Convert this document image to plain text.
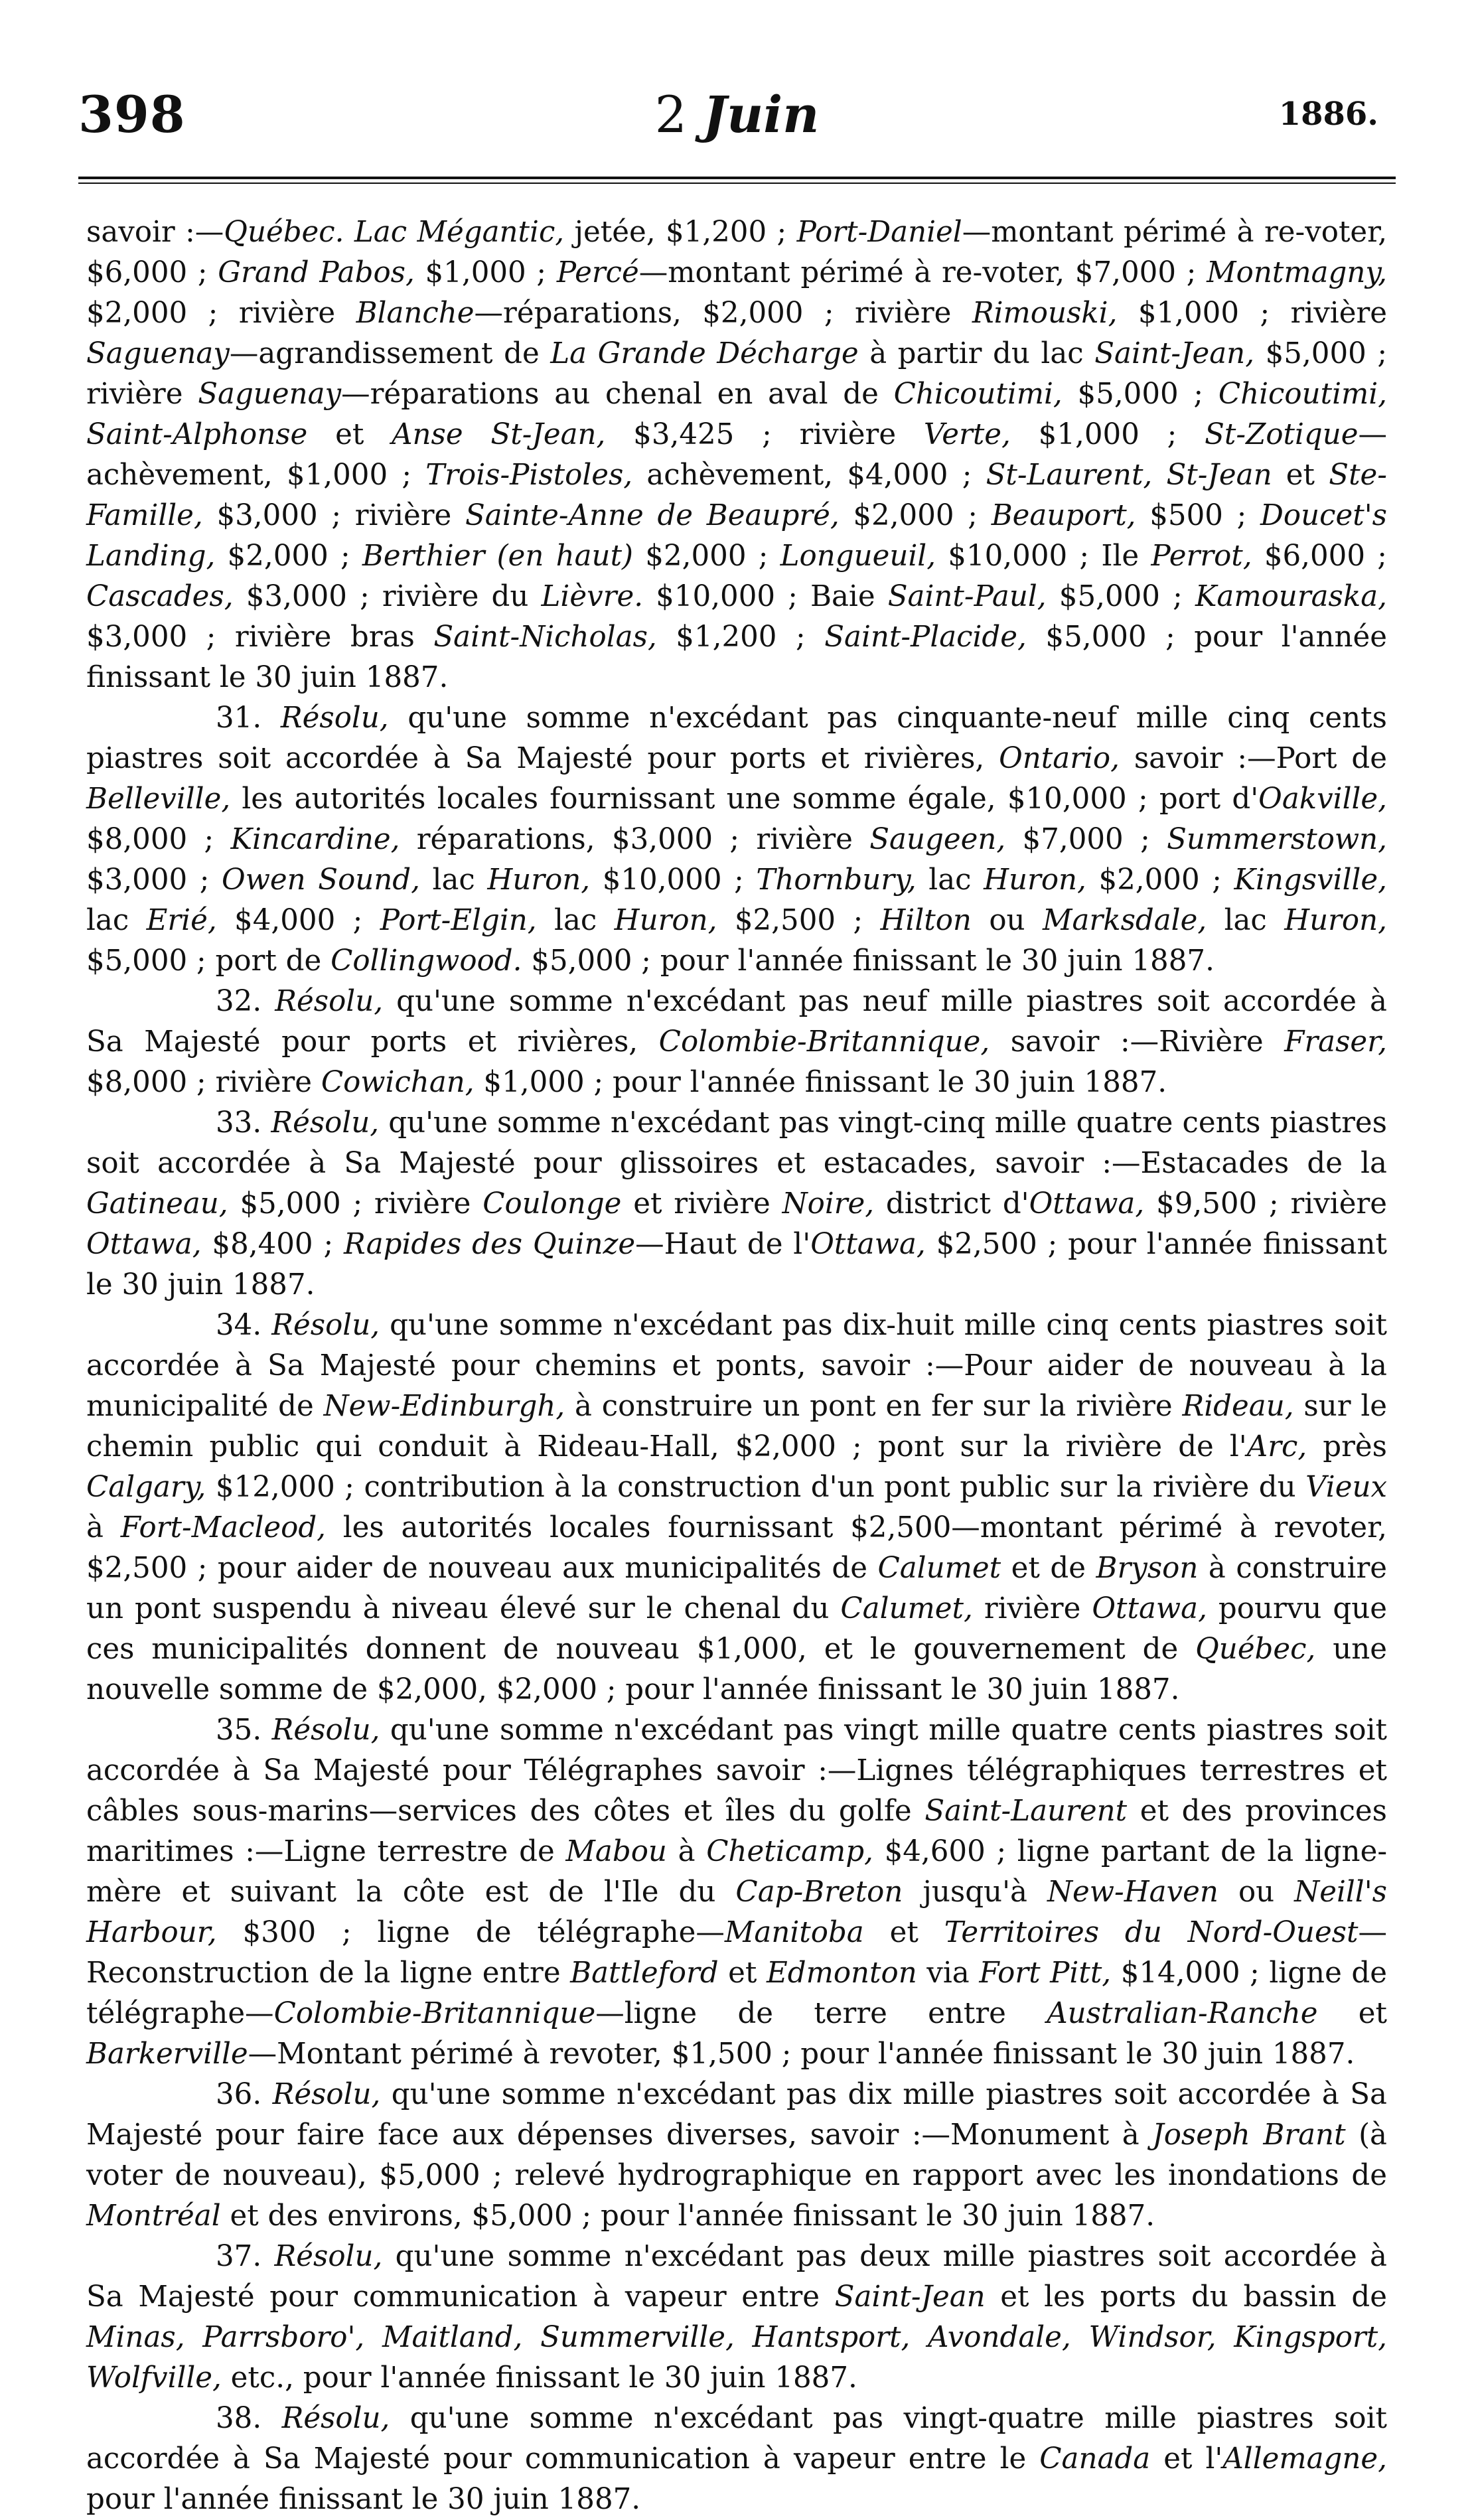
398	2 Juin	1886.

savoir :—Québec. Lac Mégantic, jetée, $1,200 ; Port-Daniel—montant périmé à re-voter, $6,000 ; Grand Pabos, $1,000 ; Percé—montant périmé à re-voter, $7,000 ; Montmagny, $2,000 ; rivière Blanche—réparations, $2,000 ; rivière Rimouski, $1,000 ; rivière Saguenay—agrandissement de La Grande Décharge à partir du lac Saint-Jean, $5,000 ; rivière Saguenay—réparations au chenal en aval de Chicoutimi, $5,000 ; Chicoutimi, Saint-Alphonse et Anse St-Jean, $3,425 ; rivière Verte, $1,000 ; St-Zotique—achèvement, $1,000 ; Trois-Pistoles, achèvement, $4,000 ; St-Laurent, St-Jean et Ste-Famille, $3,000 ; rivière Sainte-Anne de Beaupré, $2,000 ; Beauport, $500 ; Doucet's Landing, $2,000 ; Berthier (en haut) $2,000 ; Longueuil, $10,000 ; Ile Perrot, $6,000 ; Cascades, $3,000 ; rivière du Lièvre. $10,000 ; Baie Saint-Paul, $5,000 ; Kamouraska, $3,000 ; rivière bras Saint-Nicholas, $1,200 ; Saint-Placide, $5,000 ; pour l'année finissant le 30 juin 1887.

31. Résolu, qu'une somme n'excédant pas cinquante-neuf mille cinq cents piastres soit accordée à Sa Majesté pour ports et rivières, Ontario, savoir :—Port de Belleville, les autorités locales fournissant une somme égale, $10,000 ; port d'Oakville, $8,000 ; Kincardine, réparations, $3,000 ; rivière Saugeen, $7,000 ; Summerstown, $3,000 ; Owen Sound, lac Huron, $10,000 ; Thornbury, lac Huron, $2,000 ; Kingsville, lac Erié, $4,000 ; Port-Elgin, lac Huron, $2,500 ; Hilton ou Marksdale, lac Huron, $5,000 ; port de Collingwood. $5,000 ; pour l'année finissant le 30 juin 1887.

32. Résolu, qu'une somme n'excédant pas neuf mille piastres soit accordée à Sa Majesté pour ports et rivières, Colombie-Britannique, savoir :—Rivière Fraser, $8,000 ; rivière Cowichan, $1,000 ; pour l'année finissant le 30 juin 1887.

33. Résolu, qu'une somme n'excédant pas vingt-cinq mille quatre cents piastres soit accordée à Sa Majesté pour glissoires et estacades, savoir :—Estacades de la Gatineau, $5,000 ; rivière Coulonge et rivière Noire, district d'Ottawa, $9,500 ; rivière Ottawa, $8,400 ; Rapides des Quinze—Haut de l'Ottawa, $2,500 ; pour l'année finissant le 30 juin 1887.

34. Résolu, qu'une somme n'excédant pas dix-huit mille cinq cents piastres soit accordée à Sa Majesté pour chemins et ponts, savoir :—Pour aider de nouveau à la municipalité de New-Edinburgh, à construire un pont en fer sur la rivière Rideau, sur le chemin public qui conduit à Rideau-Hall, $2,000 ; pont sur la rivière de l'Arc, près Calgary, $12,000 ; contribution à la construction d'un pont public sur la rivière du Vieux à Fort-Macleod, les autorités locales fournissant $2,500—montant périmé à revoter, $2,500 ; pour aider de nouveau aux municipalités de Calumet et de Bryson à construire un pont suspendu à niveau élevé sur le chenal du Calumet, rivière Ottawa, pourvu que ces municipalités donnent de nouveau $1,000, et le gouvernement de Québec, une nouvelle somme de $2,000, $2,000 ; pour l'année finissant le 30 juin 1887.

35. Résolu, qu'une somme n'excédant pas vingt mille quatre cents piastres soit accordée à Sa Majesté pour Télégraphes savoir :—Lignes télégraphiques terrestres et câbles sous-marins—services des côtes et îles du golfe Saint-Laurent et des provinces maritimes :—Ligne terrestre de Mabou à Cheticamp, $4,600 ; ligne partant de la ligne-mère et suivant la côte est de l'Ile du Cap-Breton jusqu'à New-Haven ou Neill's Harbour, $300 ; ligne de télégraphe—Manitoba et Territoires du Nord-Ouest—Reconstruction de la ligne entre Battleford et Edmonton via Fort Pitt, $14,000 ; ligne de télégraphe—Colombie-Britannique—ligne de terre entre Australian-Ranche et Barkerville—Montant périmé à revoter, $1,500 ; pour l'année finissant le 30 juin 1887.

36. Résolu, qu'une somme n'excédant pas dix mille piastres soit accordée à Sa Majesté pour faire face aux dépenses diverses, savoir :—Monument à Joseph Brant (à voter de nouveau), $5,000 ; relevé hydrographique en rapport avec les inondations de Montréal et des environs, $5,000 ; pour l'année finissant le 30 juin 1887.

37. Résolu, qu'une somme n'excédant pas deux mille piastres soit accordée à Sa Majesté pour communication à vapeur entre Saint-Jean et les ports du bassin de Minas, Parrsboro', Maitland, Summerville, Hantsport, Avondale, Windsor, Kingsport, Wolfville, etc., pour l'année finissant le 30 juin 1887.

38. Résolu, qu'une somme n'excédant pas vingt-quatre mille piastres soit accordée à Sa Majesté pour communication à vapeur entre le Canada et l'Allemagne, pour l'année finissant le 30 juin 1887.
